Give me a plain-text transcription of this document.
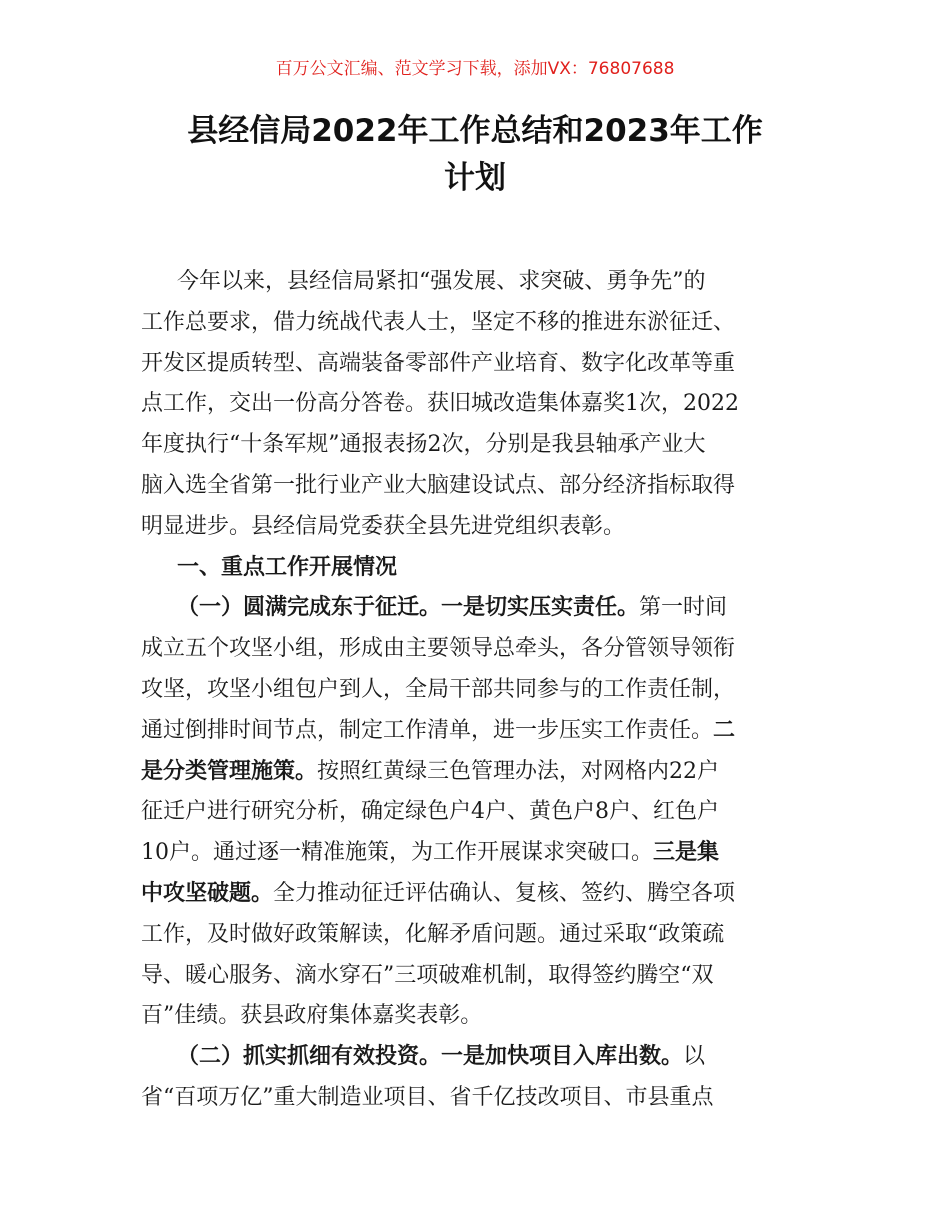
百万公文汇编、范文学习下载，添加VX：76807688
县经信局2022年工作总结和2023年工作
计划

今年以来，县经信局紧扣“强发展、求突破、勇争先”的
工作总要求，借力统战代表人士，坚定不移的推进东淤征迁、
开发区提质转型、高端装备零部件产业培育、数字化改革等重
点工作，交出一份高分答卷。获旧城改造集体嘉奖1次，2022
年度执行“十条军规”通报表扬2次，分别是我县轴承产业大
脑入选全省第一批行业产业大脑建设试点、部分经济指标取得
明显进步。县经信局党委获全县先进党组织表彰。

一、重点工作开展情况

（一）圆满完成东于征迁。一是切实压实责任。第一时间
成立五个攻坚小组，形成由主要领导总牵头，各分管领导领衔
攻坚，攻坚小组包户到人，全局干部共同参与的工作责任制，
通过倒排时间节点，制定工作清单，进一步压实工作责任。二
是分类管理施策。按照红黄绿三色管理办法，对网格内22户
征迁户进行研究分析，确定绿色户4户、黄色户8户、红色户
10户。通过逐一精准施策，为工作开展谋求突破口。三是集
中攻坚破题。全力推动征迁评估确认、复核、签约、腾空各项
工作，及时做好政策解读，化解矛盾问题。通过采取“政策疏
导、暖心服务、滴水穿石”三项破难机制，取得签约腾空“双
百”佳绩。获县政府集体嘉奖表彰。

（二）抓实抓细有效投资。一是加快项目入库出数。以
省“百项万亿”重大制造业项目、省千亿技改项目、市县重点
